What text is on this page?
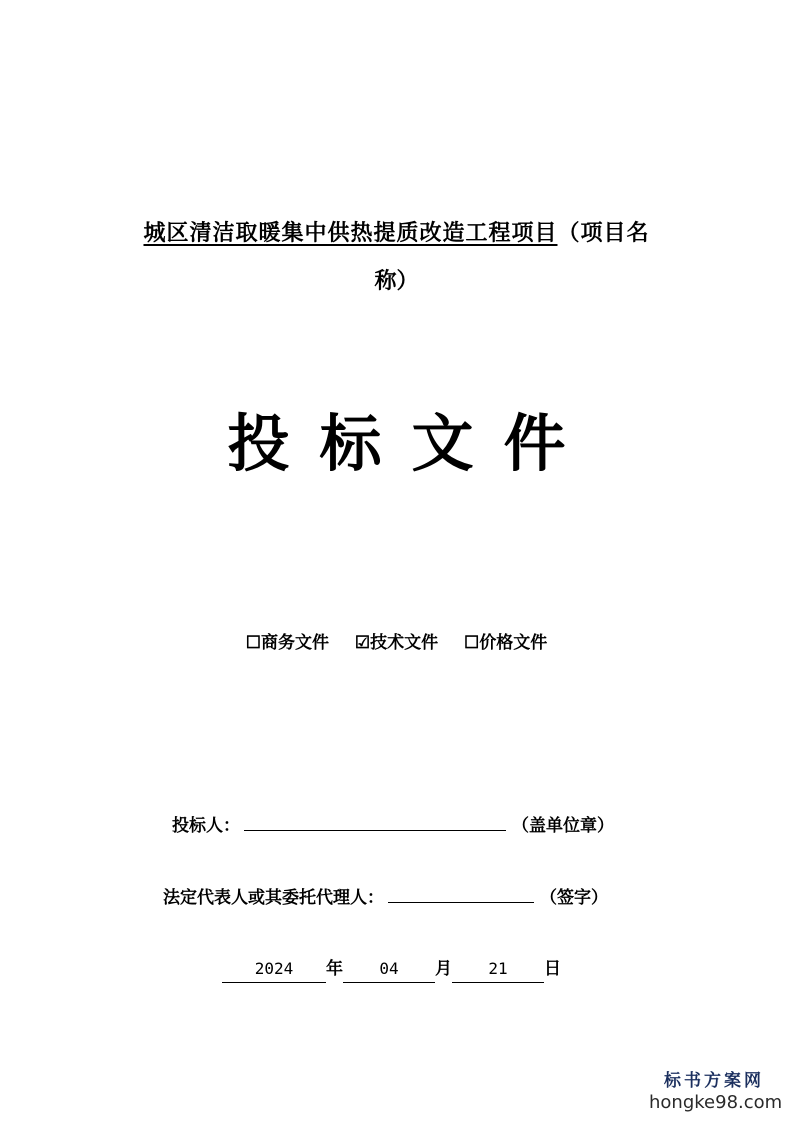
城区清洁取暖集中供热提质改造工程项目（项目名
称）
投标文件
☐商务文件 ☑技术文件 ☐价格文件
投标人：	（盖单位章）
法定代表人或其委托代理人：	（签字）
2024 年 04 月 21 日
标书方案网
hongke98.com
